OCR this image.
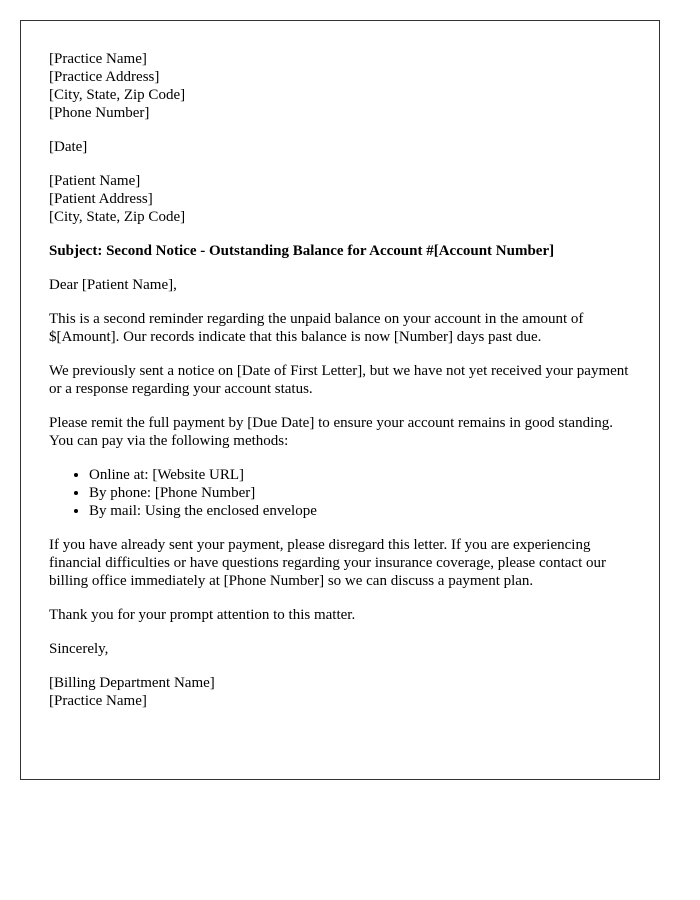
[Practice Name]
[Practice Address]
[City, State, Zip Code]
[Phone Number]
[Date]
[Patient Name]
[Patient Address]
[City, State, Zip Code]

Subject: Second Notice - Outstanding Balance for Account #[Account Number]

Dear [Patient Name],

This is a second reminder regarding the unpaid balance on your account in the amount of $[Amount]. Our records indicate that this balance is now [Number] days past due.

We previously sent a notice on [Date of First Letter], but we have not yet received your payment or a response regarding your account status.

Please remit the full payment by [Due Date] to ensure your account remains in good standing. You can pay via the following methods:

• Online at: [Website URL]
• By phone: [Phone Number]
• By mail: Using the enclosed envelope

If you have already sent your payment, please disregard this letter. If you are experiencing financial difficulties or have questions regarding your insurance coverage, please contact our billing office immediately at [Phone Number] so we can discuss a payment plan.

Thank you for your prompt attention to this matter.

Sincerely,

[Billing Department Name]
[Practice Name]
